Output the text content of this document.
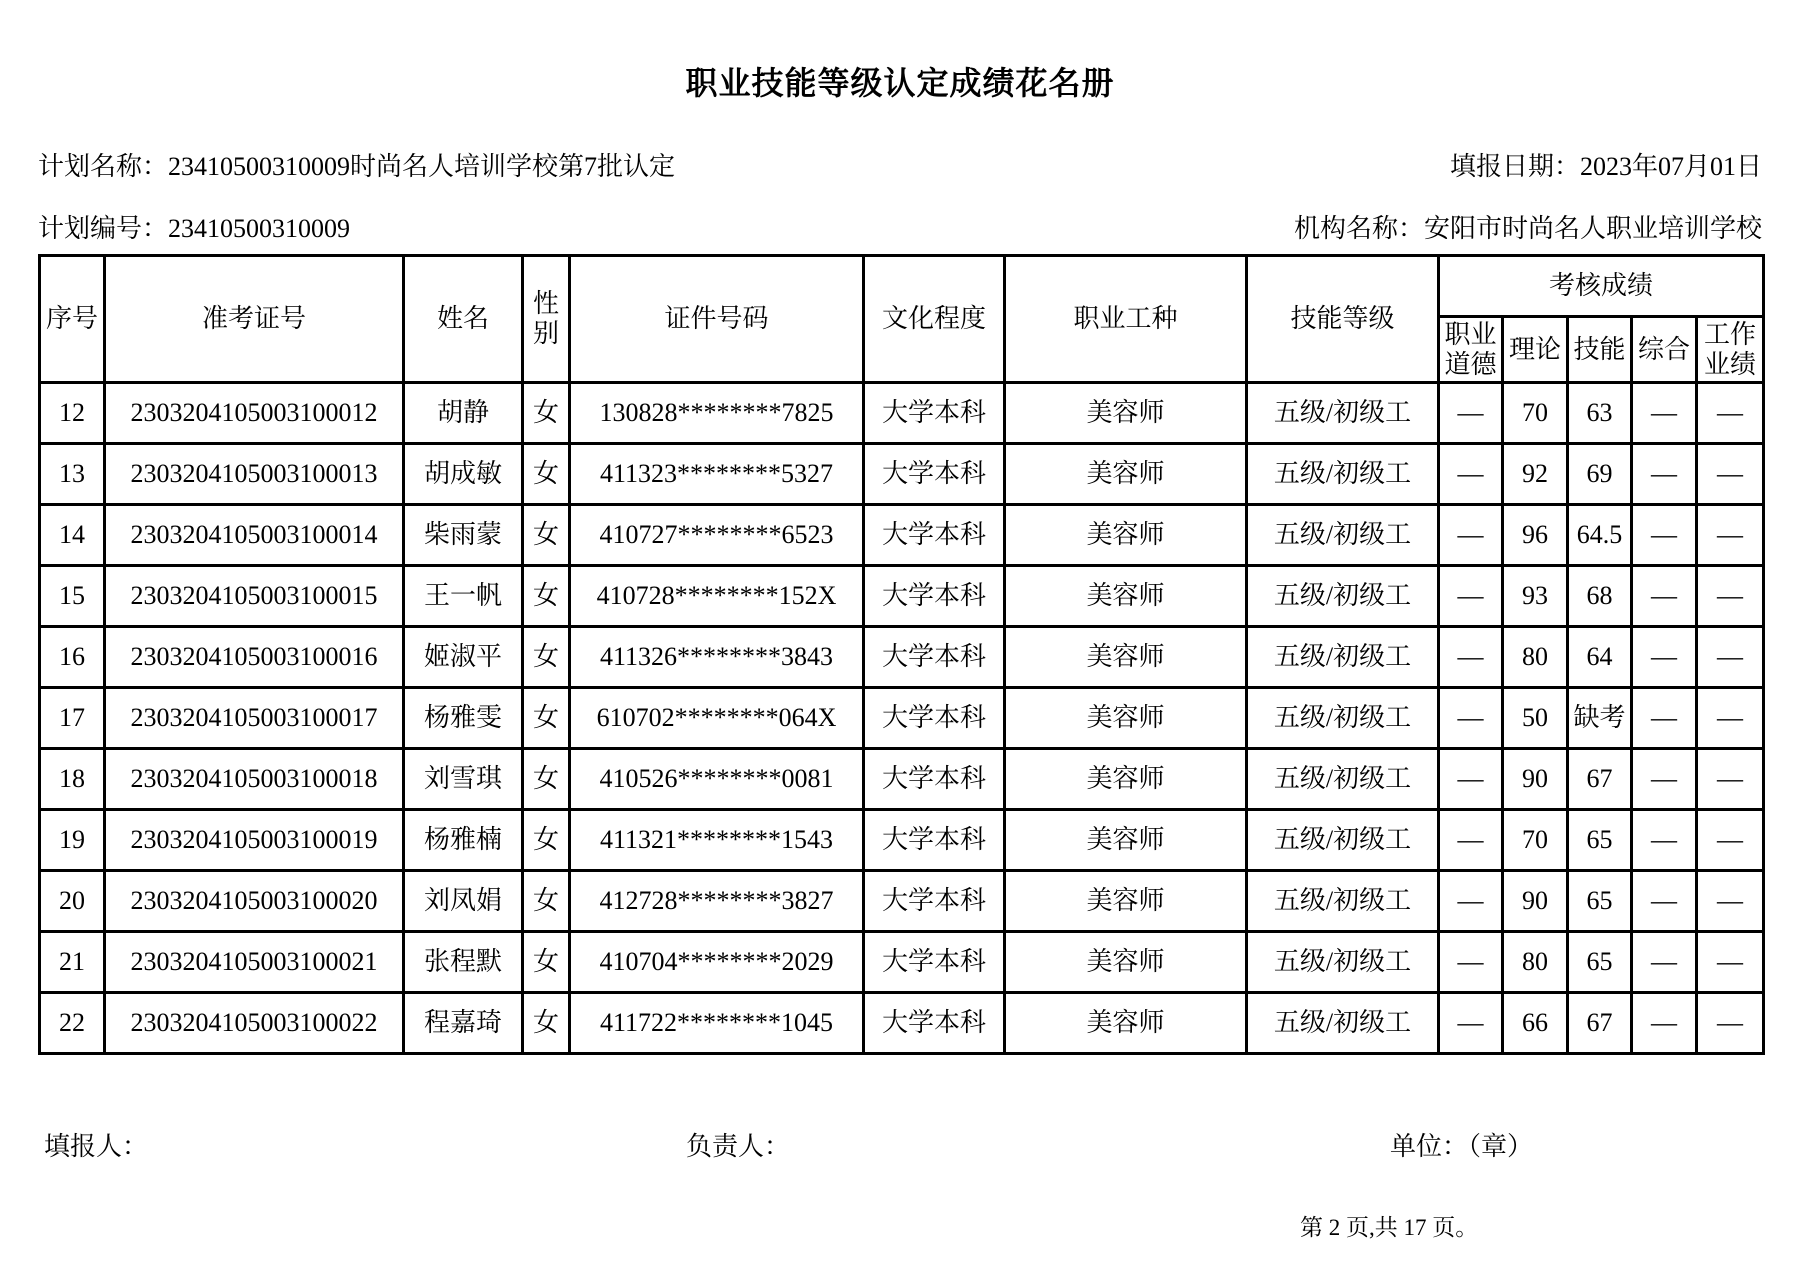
职业技能等级认定成绩花名册
计划名称：23410500310009时尚名人培训学校第7批认定	填报日期：2023年07月01日
计划编号：23410500310009	机构名称：安阳市时尚名人职业培训学校
序号	准考证号	姓名	性别	证件号码	文化程度	职业工种	技能等级	考核成绩				
								职业道德	理论	技能	综合	工作业绩
12	2303204105003100012	胡静	女	130828********7825	大学本科	美容师	五级/初级工	—	70	63	—	—
13	2303204105003100013	胡成敏	女	411323********5327	大学本科	美容师	五级/初级工	—	92	69	—	—
14	2303204105003100014	柴雨蒙	女	410727********6523	大学本科	美容师	五级/初级工	—	96	64.5	—	—
15	2303204105003100015	王一帆	女	410728********152X	大学本科	美容师	五级/初级工	—	93	68	—	—
16	2303204105003100016	姬淑平	女	411326********3843	大学本科	美容师	五级/初级工	—	80	64	—	—
17	2303204105003100017	杨雅雯	女	610702********064X	大学本科	美容师	五级/初级工	—	50	缺考	—	—
18	2303204105003100018	刘雪琪	女	410526********0081	大学本科	美容师	五级/初级工	—	90	67	—	—
19	2303204105003100019	杨雅楠	女	411321********1543	大学本科	美容师	五级/初级工	—	70	65	—	—
20	2303204105003100020	刘凤娟	女	412728********3827	大学本科	美容师	五级/初级工	—	90	65	—	—
21	2303204105003100021	张程默	女	410704********2029	大学本科	美容师	五级/初级工	—	80	65	—	—
22	2303204105003100022	程嘉琦	女	411722********1045	大学本科	美容师	五级/初级工	—	66	67	—	—
填报人：	负责人：	单位：（章）
第 2 页,共 17 页。
